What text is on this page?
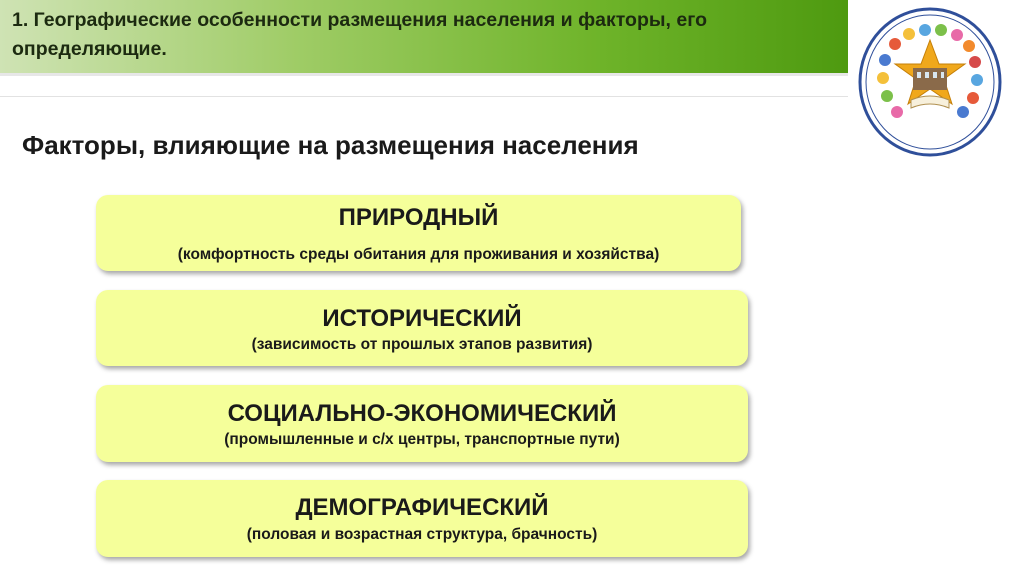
1. Географические особенности размещения населения и факторы, его определяющие.
Факторы, влияющие на размещения населения
ПРИРОДНЫЙ
(комфортность среды обитания для проживания и хозяйства)
ИСТОРИЧЕСКИЙ
(зависимость от прошлых этапов развития)
СОЦИАЛЬНО-ЭКОНОМИЧЕСКИЙ
(промышленные и с/х центры, транспортные пути)
ДЕМОГРАФИЧЕСКИЙ
(половая и возрастная структура, брачность)
